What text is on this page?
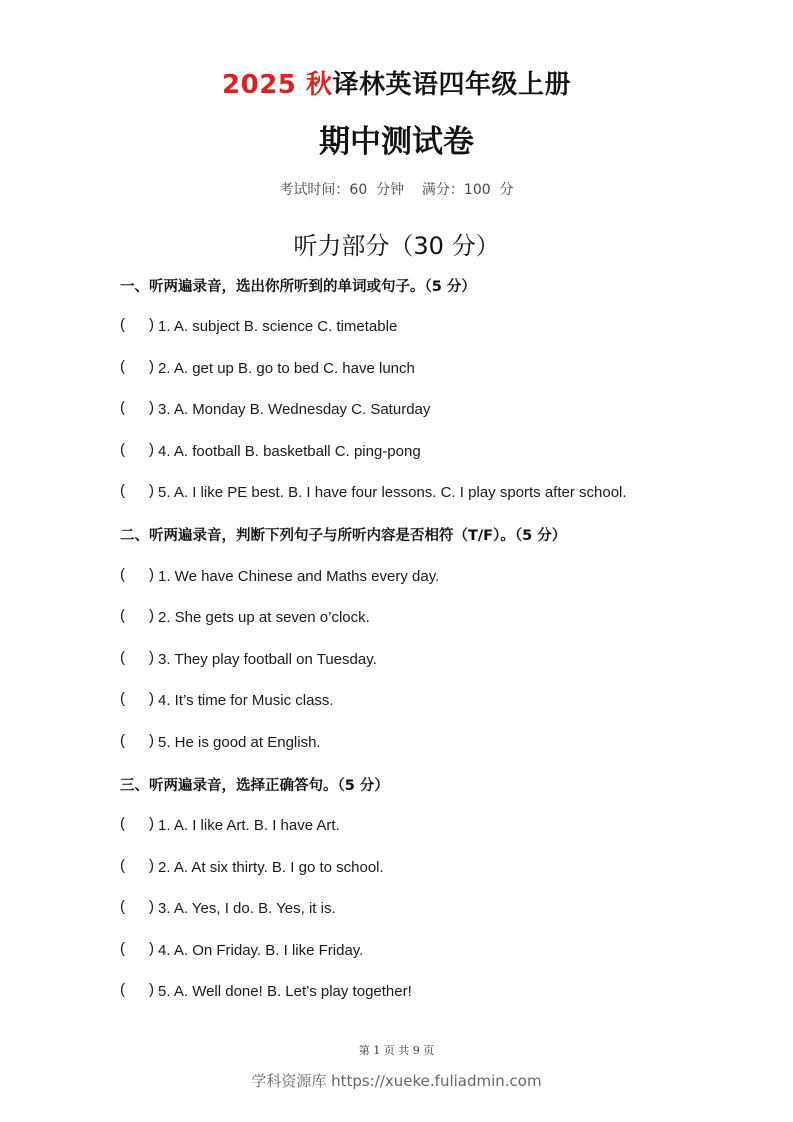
2025 秋译林英语四年级上册
期中测试卷
考试时间：60  分钟    满分：100  分
听力部分（30 分）
一、听两遍录音，选出你所听到的单词或句子。（5 分）
1. A. subject B. science C. timetable
2. A. get up B. go to bed C. have lunch
3. A. Monday B. Wednesday C. Saturday
4. A. football B. basketball C. ping-pong
5. A. I like PE best. B. I have four lessons. C. I play sports after school.
二、听两遍录音，判断下列句子与所听内容是否相符（T/F）。（5 分）
1. We have Chinese and Maths every day.
2. She gets up at seven o’clock.
3. They play football on Tuesday.
4. It’s time for Music class.
5. He is good at English.
三、听两遍录音，选择正确答句。（5 分）
1. A. I like Art. B. I have Art.
2. A. At six thirty. B. I go to school.
3. A. Yes, I do. B. Yes, it is.
4. A. On Friday. B. I like Friday.
5. A. Well done! B. Let’s play together!
第 1 页 共 9 页
学科资源库 https://xueke.fuliadmin.com
